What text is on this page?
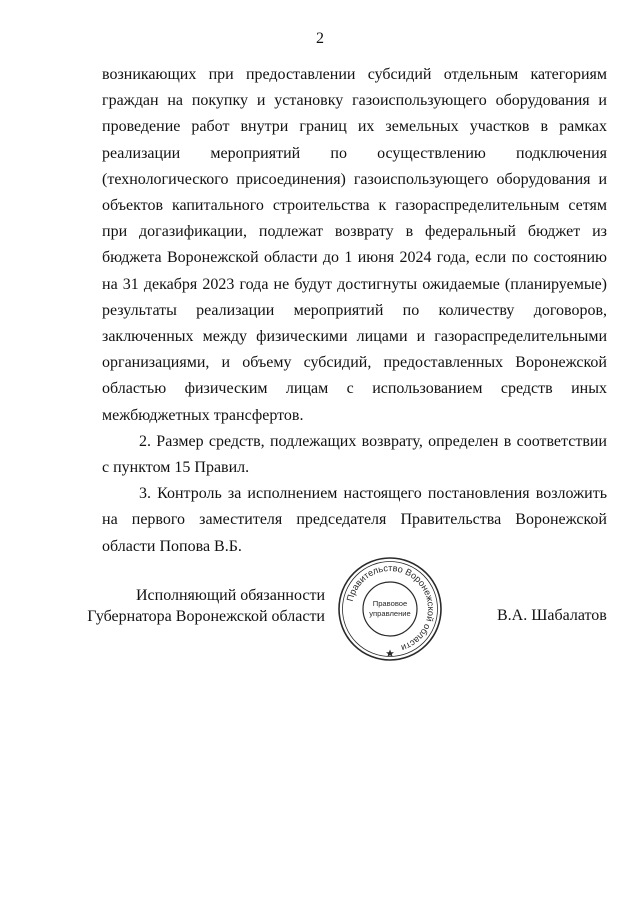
2

возникающих при предоставлении субсидий отдельным категориям граждан на покупку и установку газоиспользующего оборудования и проведение работ внутри границ их земельных участков в рамках реализации мероприятий по осуществлению подключения (технологического присоединения) газоиспользующего оборудования и объектов капитального строительства к газораспределительным сетям при догазификации, подлежат возврату в федеральный бюджет из бюджета Воронежской области до 1 июня 2024 года, если по состоянию на 31 декабря 2023 года не будут достигнуты ожидаемые (планируемые) результаты реализации мероприятий по количеству договоров, заключенных между физическими лицами и газораспределительными организациями, и объему субсидий, предоставленных Воронежской областью физическим лицам с использованием средств иных межбюджетных трансфертов.

2. Размер средств, подлежащих возврату, определен в соответствии с пунктом 15 Правил.

3. Контроль за исполнением настоящего постановления возложить на первого заместителя председателя Правительства Воронежской области Попова В.Б.

Исполняющий обязанности
Губернатора Воронежской области
Правительство Воронежской области
Правовое
управление	В.А. Шабалатов
